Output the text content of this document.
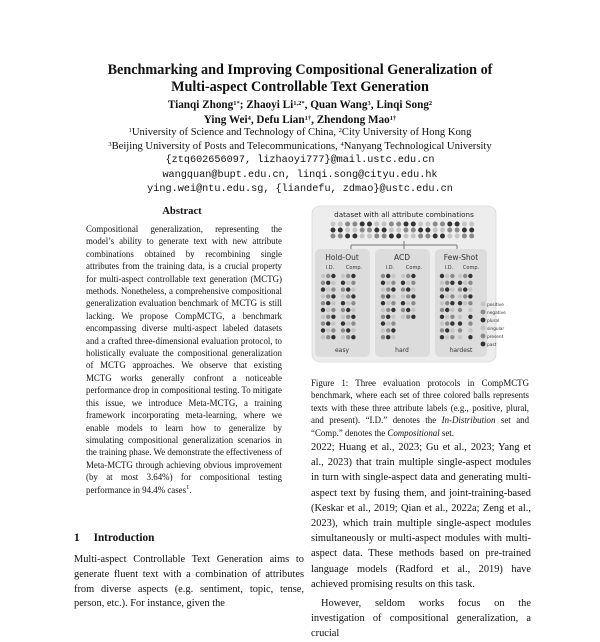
Benchmarking and Improving Compositional Generalization of
Multi-aspect Controllable Text Generation
Tianqi Zhong$^{1*}$; Zhaoyi $Li^{1,2*}$, Quan Wang$^3$, Linqi Song$^2$
Ying Wei$^4$, Defu Lian$^{1\dagger}$, Zhendong Mao$^{1\dagger}$
$^1$University of Science and Technology of China, $^2$City University of Hong Kong
$^3$Beijing University of Posts and Telecommunications, $^4$Nanyang Technological University
{ztq602656097, lizhaoyi777}@mail.ustc.edu.cn
wangquan@bupt.edu.cn, linqi.song@cityu.edu.hk
ying.wei@ntu.edu.sg, {liandefu, zdmao}@ustc.edu.cn
Abstract
Compositional generalization, representing the model’s ability to generate text with new attribute combinations obtained by recombining single attributes from the training data, is a crucial property for multi-aspect controllable text generation (MCTG) methods. Nonetheless, a comprehensive compositional generalization evaluation benchmark of MCTG is still lacking. We propose CompMCTG, a benchmark encompassing diverse multi-aspect labeled datasets and a crafted three-dimensional evaluation protocol, to holistically evaluate the compositional generalization of MCTG approaches. We observe that existing MCTG works generally confront a noticeable performance drop in compositional testing. To mitigate this issue, we introduce Meta-MCTG, a training framework incorporating meta-learning, where we enable models to learn how to generalize by simulating compositional generalization scenarios in the training phase. We demonstrate the effectiveness of Meta-MCTG through achieving obvious improvement (by at most 3.64%) for compositional testing performance in 94.4% cases$^1$.
1 Introduction
Multi-aspect Controllable Text Generation aims to generate fluent text with a combination of attributes from diverse aspects (e.g. sentiment, topic, tense, person, etc.). For instance, given the
dataset with all attribute combinations
Hold-Out
I.D. Comp.
easy
ACD
I.D. Comp.
hard
Few-Shot
I.D. Comp.
hardest
positive
negative
plural
singular
present
past
Figure 1: Three evaluation protocols in CompMCTG benchmark, where each set of three colored balls represents texts with these three attribute labels (e.g., positive, plural, and present). “I.D.” denotes the In-Distribution set and “Comp.” denotes the Compositional set.

2022; Huang et al., 2023; Gu et al., 2023; Yang et al., 2023) that train multiple single-aspect modules in turn with single-aspect data and generating multi-aspect text by fusing them, and joint-training-based (Keskar et al., 2019; Qian et al., 2022a; Zeng et al., 2023), which train multiple single-aspect modules simultaneously or multi-aspect modules with multi-aspect data. These methods based on pre-trained language models (Radford et al., 2019) have achieved promising results on this task.

However, seldom works focus on the investigation of compositional generalization, a crucial
